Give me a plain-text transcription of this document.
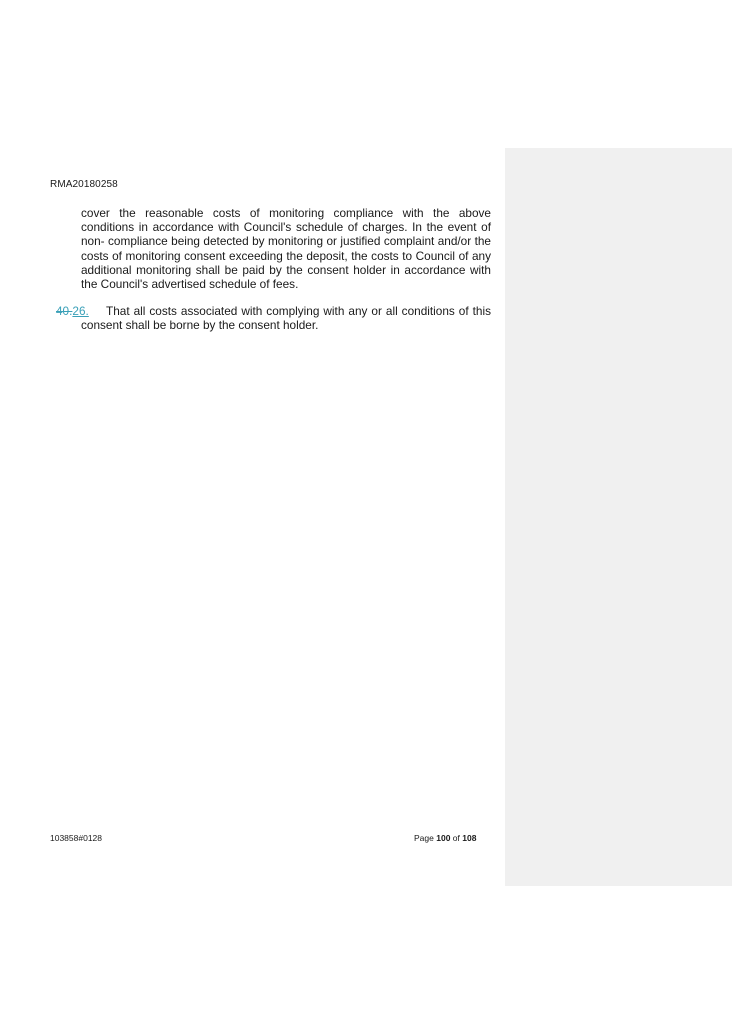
RMA20180258

cover the reasonable costs of monitoring compliance with the above conditions in accordance with Council's schedule of charges. In the event of non- compliance being detected by monitoring or justified complaint and/or the costs of monitoring consent exceeding the deposit, the costs to Council of any additional monitoring shall be paid by the consent holder in accordance with the Council's advertised schedule of fees.

40.26.	That all costs associated with complying with any or all conditions of this consent shall be borne by the consent holder.

103858#0128	Page 100 of 108
